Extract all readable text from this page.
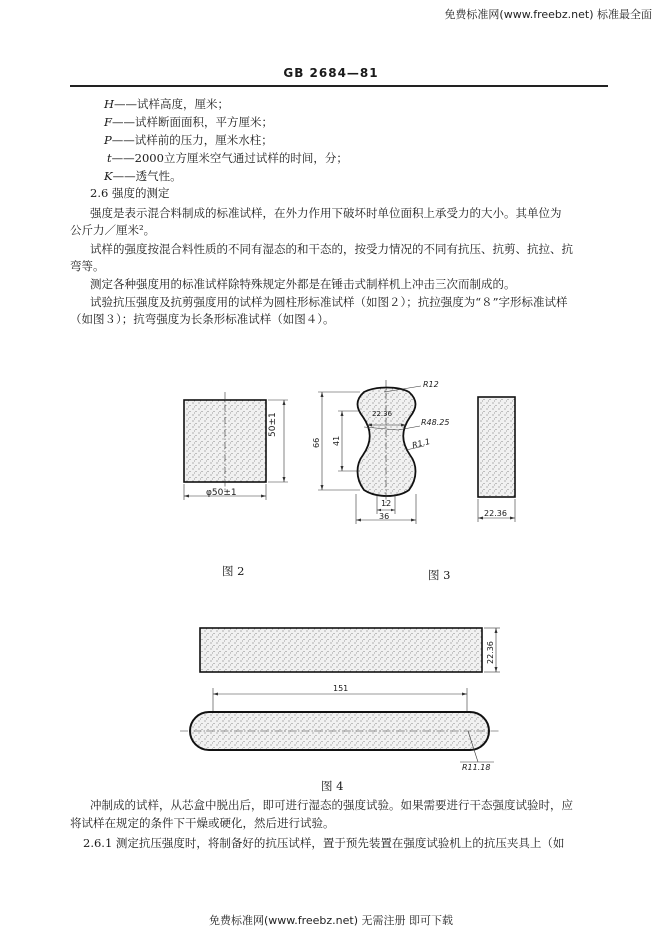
免费标准网(www.freebz.net) 标准最全面
GB 2684—81
H——试样高度，厘米；
F——试样断面面积，平方厘米；
P——试样前的压力，厘米水柱；
t——2000立方厘米空气通过试样的时间，分；
K——透气性。
2.6 强度的测定
强度是表示混合料制成的标准试样，在外力作用下破坏时单位面积上承受力的大小。其单位为
公斤力／厘米²。
试样的强度按混合料性质的不同有湿态的和干态的，按受力情况的不同有抗压、抗剪、抗拉、抗
弯等。
测定各种强度用的标准试样除特殊规定外都是在锤击式制样机上冲击三次而制成的。
试验抗压强度及抗剪强度用的试样为圆柱形标准试样（如图２）；抗拉强度为“８”字形标准试样
（如图３）；抗弯强度为长条形标准试样（如图４）。
φ50±1
50±1
R12
22.36
R48.25
R1.1
66 41
12
36	22.36
图 2	图 3
22.36
151
R11.18
图 4
冲制成的试样，从芯盒中脱出后，即可进行湿态的强度试验。如果需要进行干态强度试验时，应
将试样在规定的条件下干燥或硬化，然后进行试验。
2.6.1 测定抗压强度时，将制备好的抗压试样，置于预先装置在强度试验机上的抗压夹具上（如
免费标准网(www.freebz.net) 无需注册 即可下载
